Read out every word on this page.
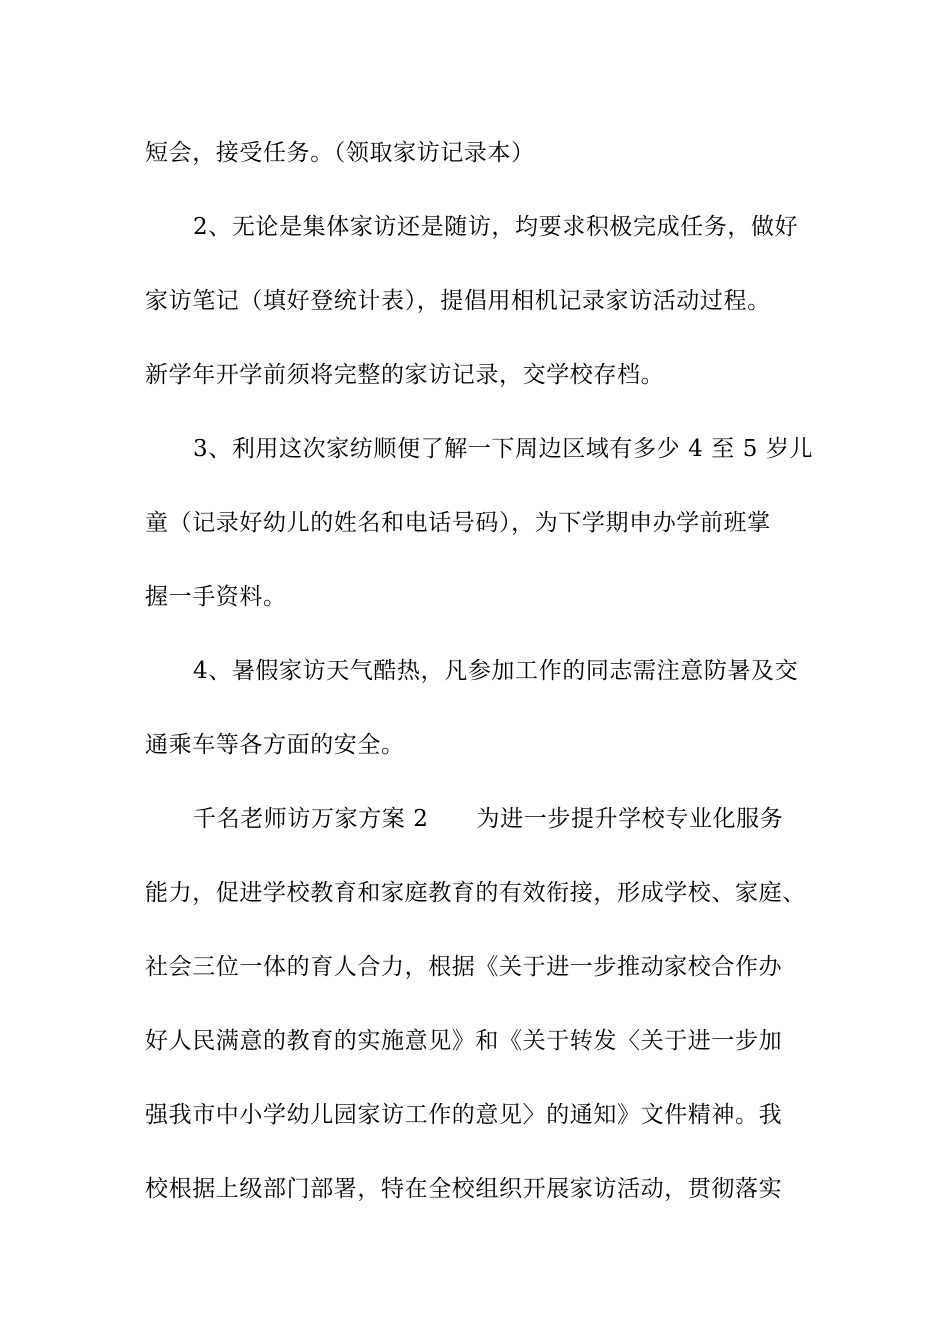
短会，接受任务。（领取家访记录本）
2、无论是集体家访还是随访，均要求积极完成任务，做好
家访笔记（填好登统计表），提倡用相机记录家访活动过程。
新学年开学前须将完整的家访记录，交学校存档。
3、利用这次家纺顺便了解一下周边区域有多少 4 至 5 岁儿
童（记录好幼儿的姓名和电话号码），为下学期申办学前班掌
握一手资料。
4、暑假家访天气酷热，凡参加工作的同志需注意防暑及交
通乘车等各方面的安全。
千名老师访万家方案 2 为进一步提升学校专业化服务
能力，促进学校教育和家庭教育的有效衔接，形成学校、家庭、
社会三位一体的育人合力，根据《关于进一步推动家校合作办
好人民满意的教育的实施意见》和《关于转发〈关于进一步加
强我市中小学幼儿园家访工作的意见〉的通知》文件精神。我
校根据上级部门部署，特在全校组织开展家访活动，贯彻落实
